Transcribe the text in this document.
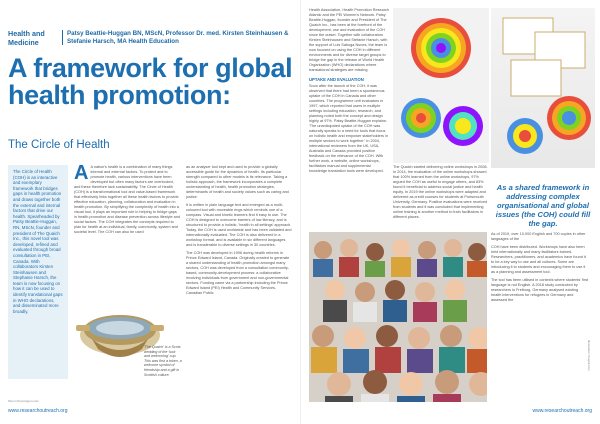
Health and Medicine
Patsy Beattie-Huggan BN, MScN, Professor Dr. med. Kirsten Steinhausen & Stefanie Harsch, MA Health Education
A framework for global health promotion:
The Circle of Health
The Circle of Health (COH) is an interactive and exemplary framework that bridges gaps in health promotion and draws together both the external and internal factors that drive our health. Spearheaded by Patsy Beattie-Huggan, RN, MScN, founder and president of The Quaich Inc., this novel tool was developed, refined and evaluated through broad consultation in PEI, Canada. With collaborators Kirsten Steinhausen and Stephanie Harsch, the team is now focusing on how it can be used to identify translational gaps in WHO declarations, and disseminated more broadly.

A A nation's health is a combination of many things internal and external factors. To protect and to promote health, various interventions have been developed but often many factors are overlooked, and these therefore lack sustainability. The Circle of Health (COH) is a transformational tool and value-based framework that effectively links together all these health factors to provide effective education, planning, collaboration and evaluation in health promotion. By simplifying the complexity of health into a visual tool, it plays an important role in helping to bridge gaps in health promotion and disease prevention across lifestyle and social factors. The COH integrates the concepts required to plan for health at an individual, family, community, system and societal level. The COH can also be used

as an analyser tool kept and used to provide a globally accessible guide for the dynamics of health. Its particular strength compared to other models is its relevance. Taking a holistic approach, the framework incorporates a complete understanding of health, health promotion strategies, determinants of health and society values such as caring and justice.

It is written in plain language text and emerged as a multi-coloured tool with moveable rings which reminds one of a compass. Visual and kinetic learners find it easy to use. The COH is designed to overcome barriers of low literacy, and is structured to provide a holistic, 'health in all settings' approach. Today, the COH is used worldwide and has been validated and internationally evaluated. The COH is also delivered in a workshop format, and is available in six different languages and is transferable to diverse settings in 30 countries.

The COH was developed in 1996 during health reforms in Prince Edward Island, Canada. Originally created to generate a shared understanding of health promotion amongst many sectors, COH was developed from a consultation community-based, community-development process: a collaborative involving individuals from government and non-governmental sectors. Funding came via a partnership including the Prince Edward Island (PEI) Health and Community Services, Canadian Public

'The Quaich' is a Scots wedding of the 'luck and welcoming' cup. This was first a token, a welcome symbol of friendship and a gift in Scottish culture.
Simon Pennington.com
www.researchoutreach.org

Health Association, Health Promotion Research Atlantic and the PEI Women's Network. Patsy Beattie-Huggan, founder and President of The Quaich Inc., has been at the forefront of the development, use and evaluation of the COH since the outset. Together with collaborators Kirsten Steinhausen and Stefanie Harsch, with the support of Luis Saboga Nunes, the team is now focused on using the COH in different environments and for diverse target groups to bridge the gap in the release of World Health Organization (WHO) declarations where translational strategies are missing.

UPTAKE AND EVALUATION

Soon after the launch of the COH, it was observed that there had been a spontaneous uptake of the COH in Canada and other countries. The programme unit evaluators in 1997, which reported that users in multiple settings including education, research, and planning noted both the concept and design highly at 97%. Patsy Beattie-Huggan explains: 'The unanticipated uptake of the COH was naturally speaks to a need for tools that focus on holistic health and empower stakeholders in multiple sectors to work together.' In 2004, international reviewers from the UK, USA, Australia and Canada provided positive feedback on the relevance of the COH. With further work, a website, online workshops, facilitators manual and supplemental knowledge translation tools were developed.

The Quaich started delivering online workshops in 2008. In 2014, the evaluation of the online workshops showed that 100% learned from the online workshops, 97% argued the COH as useful to engage others, and 83% found it beneficial to address social justice and health equity. In 2019 the online workshops were adapted and delivered as credit courses for students at Portsmouth University, Germany. Positive evaluations were received from students and it was concluded that implementing online training is another method to train facilitators in different places.

As a shared framework in addressing complex organisational and global issues (the COH) could fill the gap.

As of 2019, over 10,000 English and 700 copies in other languages of the

COH have been distributed. Workshops have also been held internationally and many facilitators trained. Researchers, practitioners, and academics have found it to be a key way to use and all cultures. Some are introducing it to students and encouraging them to use it as a planning and assessment tool.

The tool has been utilised in contexts where students' first language is not English. A 2018 study conducted by researchers in Freiburg, Germany analysed existing health interventions for refugees in Germany and assessed the

Illustration: freepik.com
www.researchoutreach.org
